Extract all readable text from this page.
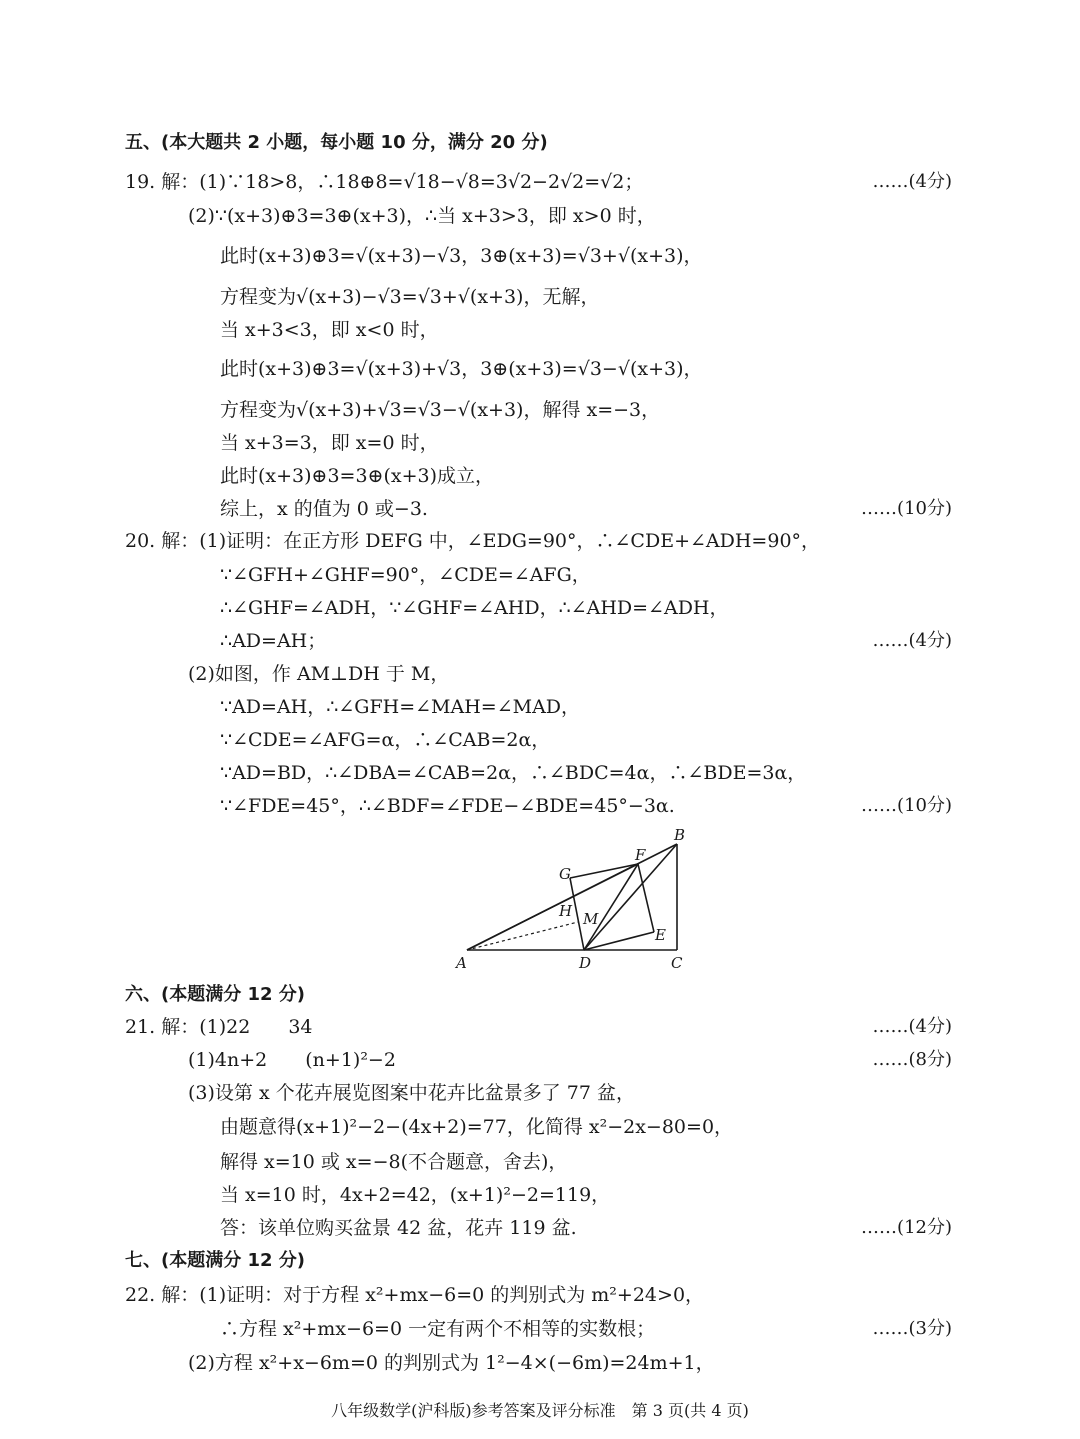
五、(本大题共 2 小题，每小题 10 分，满分 20 分)
19. 解：(1)∵18>8，∴18⊕8=√18−√8=3√2−2√2=√2；	……(4分)
(2)∵(x+3)⊕3=3⊕(x+3)，∴当 x+3>3，即 x>0 时，
此时(x+3)⊕3=√(x+3)−√3，3⊕(x+3)=√3+√(x+3)，
方程变为√(x+3)−√3=√3+√(x+3)，无解，
当 x+3<3，即 x<0 时，
此时(x+3)⊕3=√(x+3)+√3，3⊕(x+3)=√3−√(x+3)，
方程变为√(x+3)+√3=√3−√(x+3)，解得 x=−3，
当 x+3=3，即 x=0 时，
此时(x+3)⊕3=3⊕(x+3)成立，
综上，x 的值为 0 或−3.	……(10分)
20. 解：(1)证明：在正方形 DEFG 中，∠EDG=90°，∴∠CDE+∠ADH=90°，
∵∠GFH+∠GHF=90°，∠CDE=∠AFG，
∴∠GHF=∠ADH，∵∠GHF=∠AHD，∴∠AHD=∠ADH，
∴AD=AH；	……(4分)
(2)如图，作 AM⊥DH 于 M，
∵AD=AH，∴∠GFH=∠MAH=∠MAD，
∵∠CDE=∠AFG=α，∴∠CAB=2α，
∵AD=BD，∴∠DBA=∠CAB=2α，∴∠BDC=4α，∴∠BDE=3α，
∵∠FDE=45°，∴∠BDF=∠FDE−∠BDE=45°−3α.	……(10分)
六、(本题满分 12 分)
21. 解：(1)22　　34	……(4分)
(1)4n+2　　(n+1)²−2	……(8分)
(3)设第 x 个花卉展览图案中花卉比盆景多了 77 盆，
由题意得(x+1)²−2−(4x+2)=77，化简得 x²−2x−80=0，
解得 x=10 或 x=−8(不合题意，舍去)，
当 x=10 时，4x+2=42，(x+1)²−2=119，
答：该单位购买盆景 42 盆，花卉 119 盆.	……(12分)
七、(本题满分 12 分)
22. 解：(1)证明：对于方程 x²+mx−6=0 的判别式为 m²+24>0，
∴方程 x²+mx−6=0 一定有两个不相等的实数根；	……(3分)
(2)方程 x²+x−6m=0 的判别式为 1²−4×(−6m)=24m+1，
A
B
C
D
E
F
G
H M
八年级数学(沪科版)参考答案及评分标准　第 3 页(共 4 页)
